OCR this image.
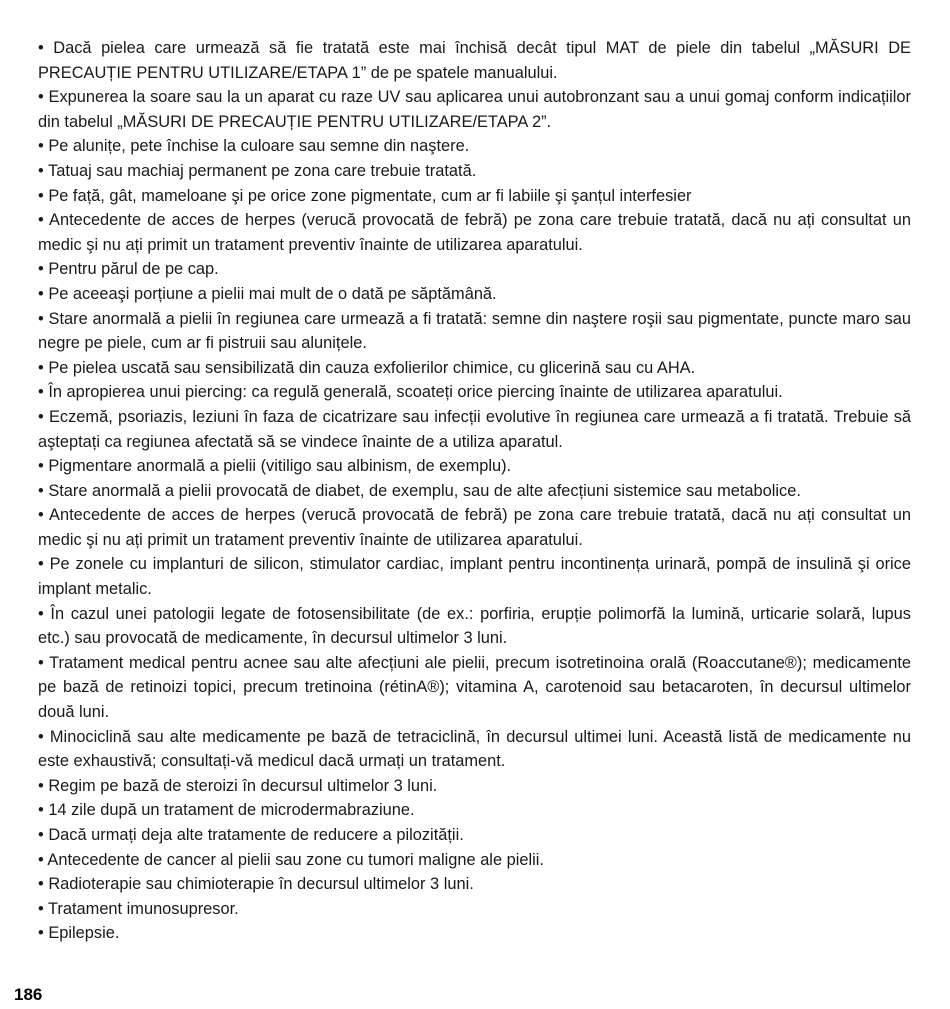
• Dacă pielea care urmează să fie tratată este mai închisă decât tipul MAT de piele din tabelul „MĂSURI DE PRECAUȚIE PENTRU UTILIZARE/ETAPA 1” de pe spatele manualului.

• Expunerea la soare sau la un aparat cu raze UV sau aplicarea unui autobronzant sau a unui gomaj conform indicațiilor din tabelul „MĂSURI DE PRECAUȚIE PENTRU UTILIZARE/ETAPA 2”.

• Pe alunițe, pete închise la culoare sau semne din naştere.

• Tatuaj sau machiaj permanent pe zona care trebuie tratată.

• Pe față, gât, mameloane şi pe orice zone pigmentate, cum ar fi labiile şi şanțul interfesier

• Antecedente de acces de herpes (verucă provocată de febră) pe zona care trebuie tratată, dacă nu ați consultat un medic şi nu ați primit un tratament preventiv înainte de utilizarea aparatului.

• Pentru părul de pe cap.

• Pe aceeaşi porțiune a pielii mai mult de o dată pe săptămână.

• Stare anormală a pielii în regiunea care urmează a fi tratată: semne din naştere roşii sau pigmentate, puncte maro sau negre pe piele, cum ar fi pistruii sau alunițele.

• Pe pielea uscată sau sensibilizată din cauza exfolierilor chimice, cu glicerină sau cu AHA.

• În apropierea unui piercing: ca regulă generală, scoateți orice piercing înainte de utilizarea aparatului.

• Eczemă, psoriazis, leziuni în faza de cicatrizare sau infecții evolutive în regiunea care urmează a fi tratată. Trebuie să aşteptați ca regiunea afectată să se vindece înainte de a utiliza aparatul.

• Pigmentare anormală a pielii (vitiligo sau albinism, de exemplu).

• Stare anormală a pielii provocată de diabet, de exemplu, sau de alte afecțiuni sistemice sau metabolice.

• Antecedente de acces de herpes (verucă provocată de febră) pe zona care trebuie tratată, dacă nu ați consultat un medic şi nu ați primit un tratament preventiv înainte de utilizarea aparatului.

• Pe zonele cu implanturi de silicon, stimulator cardiac, implant pentru incontinența urinară, pompă de insulină şi orice implant metalic.

• În cazul unei patologii legate de fotosensibilitate (de ex.: porfiria, erupție polimorfă la lumină, urticarie solară, lupus etc.) sau provocată de medicamente, în decursul ultimelor 3 luni.

• Tratament medical pentru acnee sau alte afecțiuni ale pielii, precum isotretinoina orală (Roaccutane®); medicamente pe bază de retinoizi topici, precum tretinoina (rétinA®); vitamina A, carotenoid sau betacaroten, în decursul ultimelor două luni.

• Minociclină sau alte medicamente pe bază de tetraciclină, în decursul ultimei luni. Această listă de medicamente nu este exhaustivă; consultați-vă medicul dacă urmați un tratament.

• Regim pe bază de steroizi în decursul ultimelor 3 luni.

• 14 zile după un tratament de microdermabraziune.

• Dacă urmați deja alte tratamente de reducere a pilozității.

• Antecedente de cancer al pielii sau zone cu tumori maligne ale pielii.

• Radioterapie sau chimioterapie în decursul ultimelor 3 luni.

• Tratament imunosupresor.

• Epilepsie.

186
